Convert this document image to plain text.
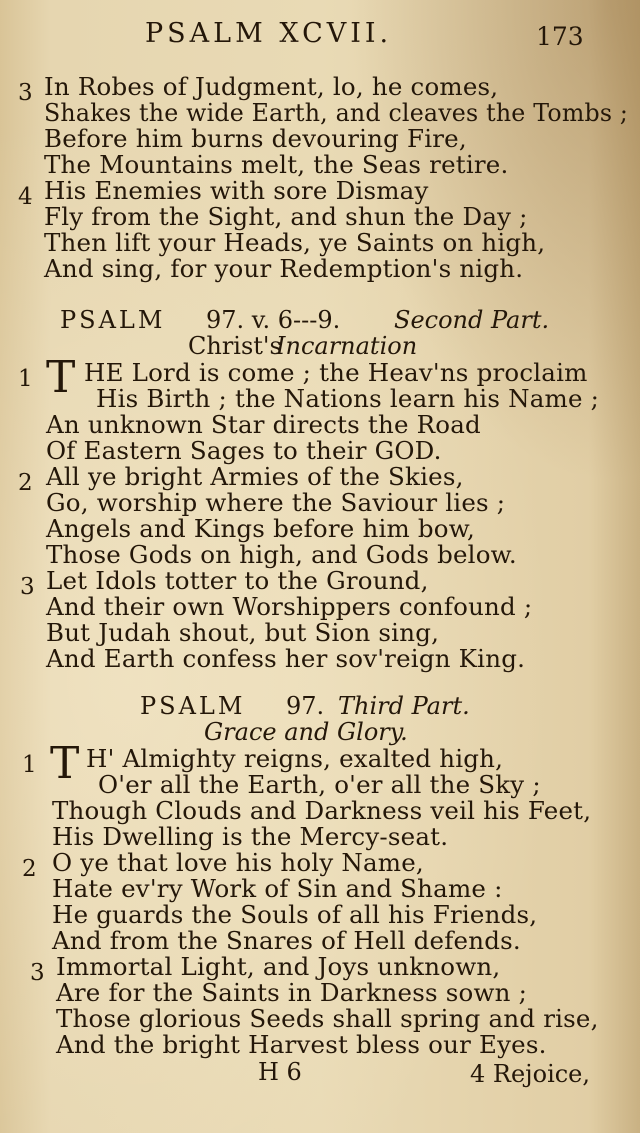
PSALM XCVII.	173
3 In Robes of Judgment, lo, he comes,
Shakes the wide Earth, and cleaves the Tombs ;
Before him burns devouring Fire,
The Mountains melt, the Seas retire.
4 His Enemies with sore Dismay
Fly from the Sight, and shun the Day ;
Then lift your Heads, ye Saints on high,
And sing, for your Redemption's nigh.
PSALM 97. v. 6---9. Second Part.
Christ's
Incarnation
1 T HE Lord is come ; the Heav'ns proclaim
His Birth ; the Nations learn his Name ;
An unknown Star directs the Road
Of Eastern Sages to their GOD.
2 All ye bright Armies of the Skies,
Go, worship where the Saviour lies ;
Angels and Kings before him bow,
Those Gods on high, and Gods below.
3 Let Idols totter to the Ground,
And their own Worshippers confound ;
But Judah shout, but Sion sing,
And Earth confess her sov'reign King.
PSALM 97. Third Part.
Grace and Glory.
1 T H' Almighty reigns, exalted high,
O'er all the Earth, o'er all the Sky ;
Though Clouds and Darkness veil his Feet,
His Dwelling is the Mercy-seat.
2 O ye that love his holy Name,
Hate ev'ry Work of Sin and Shame :
He guards the Souls of all his Friends,
And from the Snares of Hell defends.
3 Immortal Light, and Joys unknown,
Are for the Saints in Darkness sown ;
Those glorious Seeds shall spring and rise,
And the bright Harvest bless our Eyes.
H 6	4 Rejoice,
